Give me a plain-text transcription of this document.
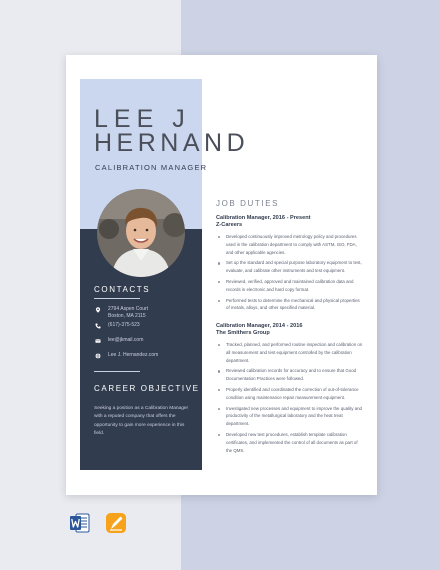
LEE J
HERNAND
CALIBRATION MANAGER
CONTACTS
2794 Aspen Court
Boston, MA 2115
(617)-375-523
lee@jkmail.com
Lee J. Hernandez.com
CAREER OBJECTIVE
Seeking a position as a Calibration Manager with a reputed company that offers the opportunity to gain more experience in this field.
JOB DUTIES
Calibration Manager, 2016 - Present
Z-Careers
Developed continuously improved metrology policy and procedures used in the calibration department to comply with ASTM, ISO, FDA, and other applicable agencies.
Set up the standard and special purpose laboratory equipment to test, evaluate, and calibrate other instruments and test equipment.
Reviewed, verified, approved and maintained calibration data and records in electronic and hard copy format.
Performed tests to determine the mechanical and physical properties of metals, alloys, and other specified material.
Calibration Manager, 2014 - 2016
The Smithers Group
Tracked, planned, and performed routine inspection and calibration on all measurement and test equipment controlled by the calibration department.
Reviewed calibration records for accuracy and to ensure that Good Documentation Practices were followed.
Properly identified and coordinated the correction of out-of-tolerance condition using maintenance repair measurement equipment.
Investigated new processes and equipment to improve the quality and productivity of the metallurgical laboratory and the heat treat department.
Developed new test procedures, establish template calibration certificates, and implemented the control of all documents as part of the QMS.
